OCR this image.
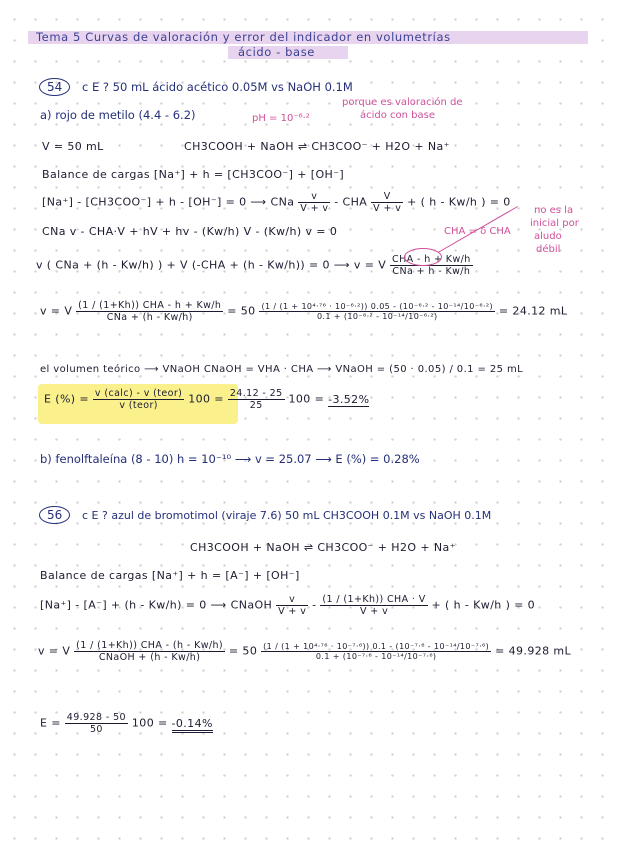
Tema 5 Curvas de valoración y error del indicador en volumetrías
ácido - base
54	c E ? 50 mL ácido acético 0.05M vs NaOH 0.1M
a) rojo de metilo (4.4 - 6.2)	pH = 10⁻⁶·²
porque es valoración de
ácido con base
V = 50 mL	CH3COOH + NaOH ⇌ CH3COO⁻ + H2O + Na⁺
Balance de cargas [Na⁺] + h = [CH3COO⁻] + [OH⁻]
[Na⁺] - [CH3COO⁻] + h - [OH⁻] = 0 ⟶ CNa $\frac{v}{V + v}$ - CHA $\frac{V}{V + v}$ + ( h - Kw/h ) = 0
no es la
inicial por
aludo
débil
CHA = δ CHA
CNa v - CHA·V + hV + hv - (Kw/h) V - (Kw/h) v = 0
v ( CNa + (h - Kw/h) ) + V (-CHA + (h - Kw/h)) = 0 ⟶ v = V $\frac{\text{CHA - h + Kw/h}}{\text{CNa + h - Kw/h}}$
v = V $\frac{\text{(1 / (1+Kh)) CHA - h + Kw/h}}{\text{CNa + (h - Kw/h)}} = 50 \frac{\text{(1 / (1 + 10⁴·⁷⁶ · 10⁻⁶·²)) 0.05 - (10⁻⁶·² - 10⁻¹⁴/10⁻⁶·²)}}{\text{0.1 + (10⁻⁶·² - 10⁻¹⁴/10⁻⁶·²)}} = 24.12$ mL
el volumen teórico ⟶ VNaOH CNaOH = VHA · CHA ⟶ VNaOH = (50 · 0.05) / 0.1 = 25 mL
E (%) = $\frac{\text{v (calc) - v (teor)}}{\text{v (teor)}} 100 = \frac{24.12 - 25}{25} 100 = -3.52\%$
b) fenolftaleína (8 - 10) h = 10⁻¹⁰ ⟶ v = 25.07 ⟶ E (%) = 0.28%
56	c E ? azul de bromotimol (viraje 7.6) 50 mL CH3COOH 0.1M vs NaOH 0.1M
CH3COOH + NaOH ⇌ CH3COO⁻ + H2O + Na⁺
Balance de cargas [Na⁺] + h = [A⁻] + [OH⁻]
[Na⁺] - [A⁻] + (h - Kw/h) = 0 ⟶ CNaOH $\frac{v}{V + v} - \frac{\text{(1 / (1+Kh)) CHA · V}}{V + v}$ + ( h - Kw/h ) = 0
v = V $\frac{\text{(1 / (1+Kh)) CHA - (h - Kw/h)}}{\text{CNaOH + (h - Kw/h)}} = 50 \frac{\text{(1 / (1 + 10⁴·⁷⁶ · 10⁻⁷·⁶)) 0.1 - (10⁻⁷·⁶ - 10⁻¹⁴/10⁻⁷·⁶)}}{\text{0.1 + (10⁻⁷·⁶ - 10⁻¹⁴/10⁻⁷·⁶)}} = 49.928$ mL
$E = \frac{49.928 - 50}{50} 100 = -0.14\%$
